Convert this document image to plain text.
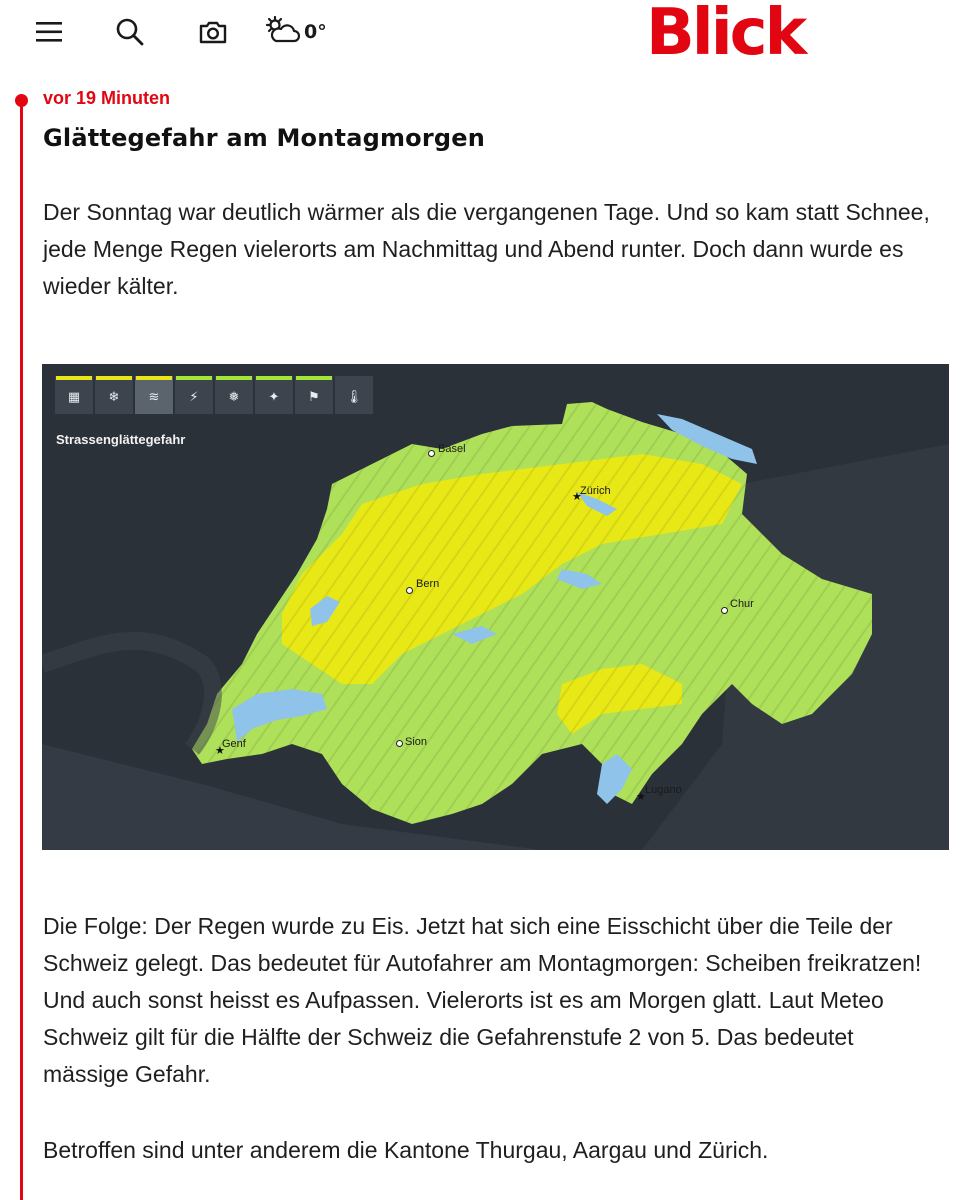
0°	Blick
vor 19 Minuten
Glättegefahr am Montagmorgen

Der Sonntag war deutlich wärmer als die vergangenen Tage. Und so kam statt Schnee, jede Menge Regen vielerorts am Nachmittag und Abend runter. Doch dann wurde es wieder kälter.

▦ ❄ ≋ ⚡ ❅ ✦ ⚑ 🌡
Strassenglättegefahr
Basel
★
Zürich
Bern
Chur
Sion
★
Genf
★
Lugano

Die Folge: Der Regen wurde zu Eis. Jetzt hat sich eine Eisschicht über die Teile der Schweiz gelegt. Das bedeutet für Autofahrer am Montagmorgen: Scheiben freikratzen! Und auch sonst heisst es Aufpassen. Vielerorts ist es am Morgen glatt. Laut Meteo Schweiz gilt für die Hälfte der Schweiz die Gefahrenstufe 2 von 5. Das bedeutet mässige Gefahr.

Betroffen sind unter anderem die Kantone Thurgau, Aargau und Zürich.
